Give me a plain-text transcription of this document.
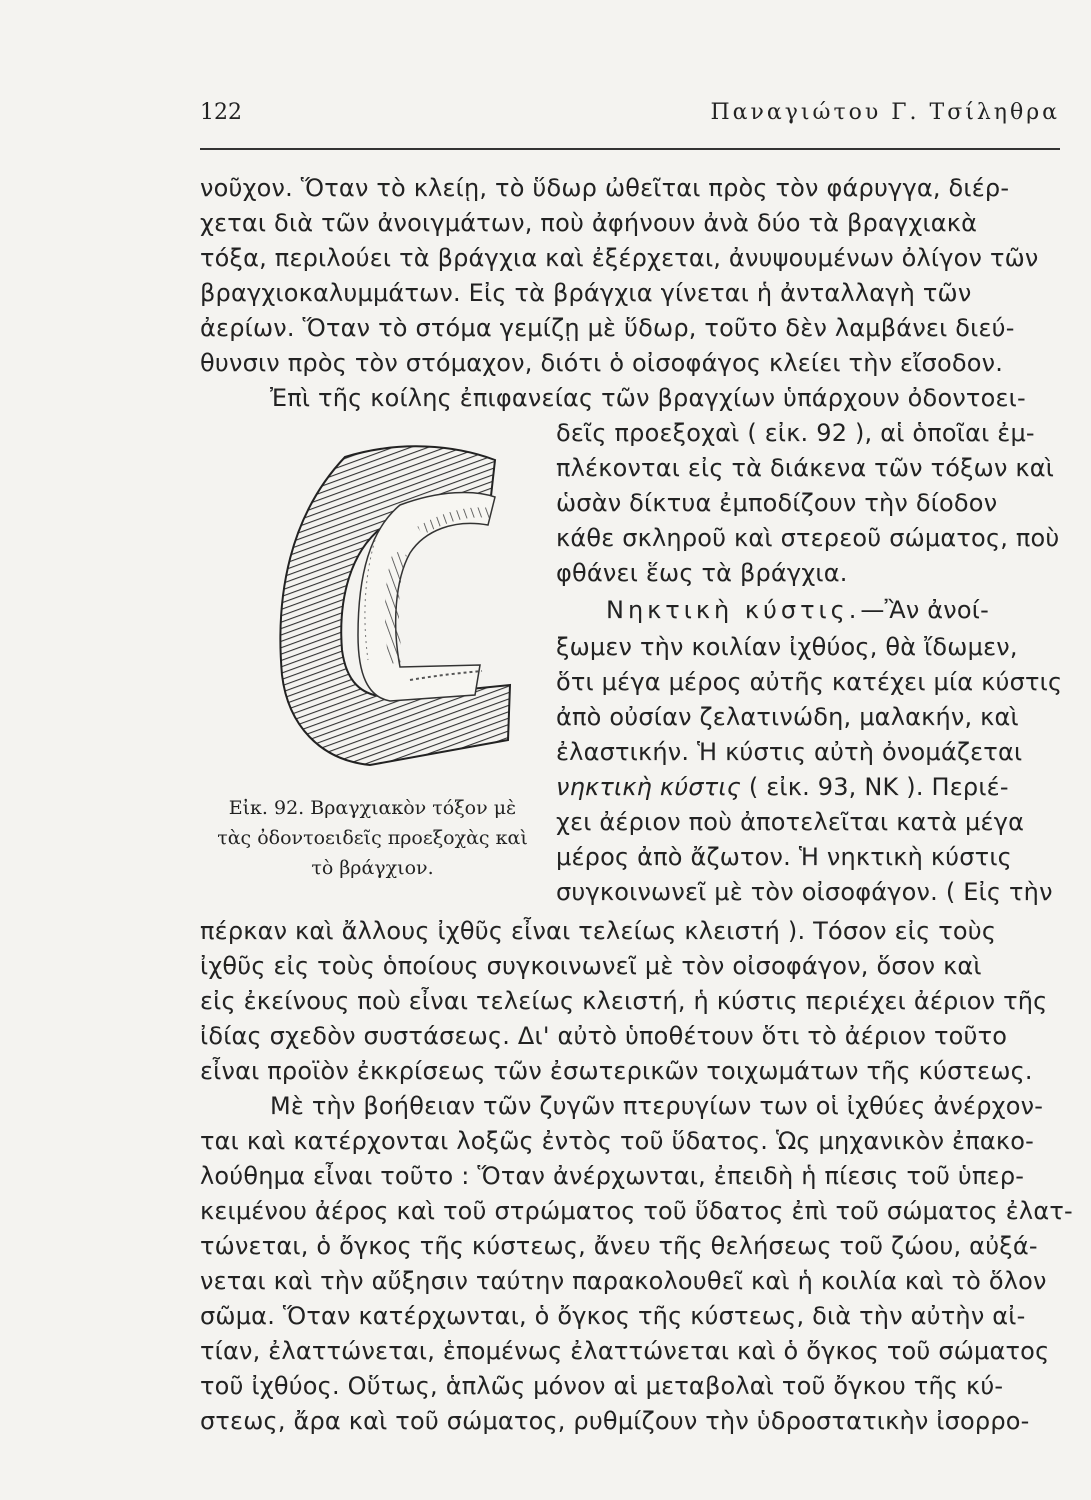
122	Παναγιώτου Γ. Τσίληθρα
νοῦχον. Ὅταν τὸ κλείῃ, τὸ ὕδωρ ὠθεῖται πρὸς τὸν φάρυγγα, διέρ-
χεται διὰ τῶν ἀνοιγμάτων, ποὺ ἀφήνουν ἀνὰ δύο τὰ βραγχιακὰ
τόξα, περιλούει τὰ βράγχια καὶ ἐξέρχεται, ἀνυψουμένων ὀλίγον τῶν
βραγχιοκαλυμμάτων. Εἰς τὰ βράγχια γίνεται ἡ ἀνταλλαγὴ τῶν
ἀερίων. Ὅταν τὸ στόμα γεμίζῃ μὲ ὕδωρ, τοῦτο δὲν λαμβάνει διεύ-
θυνσιν πρὸς τὸν στόμαχον, διότι ὁ οἰσοφάγος κλείει τὴν εἴσοδον.
Ἐπὶ τῆς κοίλης ἐπιφανείας τῶν βραγχίων ὑπάρχουν ὀδοντοει-
δεῖς προεξοχαὶ ( εἰκ. 92 ), αἱ ὁποῖαι ἐμ-
πλέκονται εἰς τὰ διάκενα τῶν τόξων καὶ
ὡσὰν δίκτυα ἐμποδίζουν τὴν δίοδον
κάθε σκληροῦ καὶ στερεοῦ σώματος, ποὺ
φθάνει ἕως τὰ βράγχια.
Νηκτικὴ κύστις.—Ἂν ἀνοί-
ξωμεν τὴν κοιλίαν ἰχθύος, θὰ ἴδωμεν,
ὅτι μέγα μέρος αὐτῆς κατέχει μία κύστις
ἀπὸ οὐσίαν ζελατινώδη, μαλακήν, καὶ
ἐλαστικήν. Ἡ κύστις αὐτὴ ὀνομάζεται
νηκτικὴ κύστις ( εἰκ. 93, ΝΚ ). Περιέ-
χει ἀέριον ποὺ ἀποτελεῖται κατὰ μέγα
μέρος ἀπὸ ἄζωτον. Ἡ νηκτικὴ κύστις
συγκοινωνεῖ μὲ τὸν οἰσοφάγον. ( Εἰς τὴν
Εἰκ. 92. Βραγχιακὸν τόξον μὲ
τὰς ὀδοντοειδεῖς προεξοχὰς καὶ
τὸ βράγχιον.
πέρκαν καὶ ἄλλους ἰχθῦς εἶναι τελείως κλειστή ). Τόσον εἰς τοὺς
ἰχθῦς εἰς τοὺς ὁποίους συγκοινωνεῖ μὲ τὸν οἰσοφάγον, ὅσον καὶ
εἰς ἐκείνους ποὺ εἶναι τελείως κλειστή, ἡ κύστις περιέχει ἀέριον τῆς
ἰδίας σχεδὸν συστάσεως. Δι' αὐτὸ ὑποθέτουν ὅτι τὸ ἀέριον τοῦτο
εἶναι προϊὸν ἐκκρίσεως τῶν ἐσωτερικῶν τοιχωμάτων τῆς κύστεως.
Μὲ τὴν βοήθειαν τῶν ζυγῶν πτερυγίων των οἱ ἰχθύες ἀνέρχον-
ται καὶ κατέρχονται λοξῶς ἐντὸς τοῦ ὕδατος. Ὡς μηχανικὸν ἐπακο-
λούθημα εἶναι τοῦτο : Ὅταν ἀνέρχωνται, ἐπειδὴ ἡ πίεσις τοῦ ὑπερ-
κειμένου ἀέρος καὶ τοῦ στρώματος τοῦ ὕδατος ἐπὶ τοῦ σώματος ἐλατ-
τώνεται, ὁ ὄγκος τῆς κύστεως, ἄνευ τῆς θελήσεως τοῦ ζώου, αὐξά-
νεται καὶ τὴν αὔξησιν ταύτην παρακολουθεῖ καὶ ἡ κοιλία καὶ τὸ ὅλον
σῶμα. Ὅταν κατέρχωνται, ὁ ὄγκος τῆς κύστεως, διὰ τὴν αὐτὴν αἰ-
τίαν, ἐλαττώνεται, ἑπομένως ἐλαττώνεται καὶ ὁ ὄγκος τοῦ σώματος
τοῦ ἰχθύος. Οὕτως, ἁπλῶς μόνον αἱ μεταβολαὶ τοῦ ὄγκου τῆς κύ-
στεως, ἄρα καὶ τοῦ σώματος, ρυθμίζουν τὴν ὑδροστατικὴν ἰσορρο-
